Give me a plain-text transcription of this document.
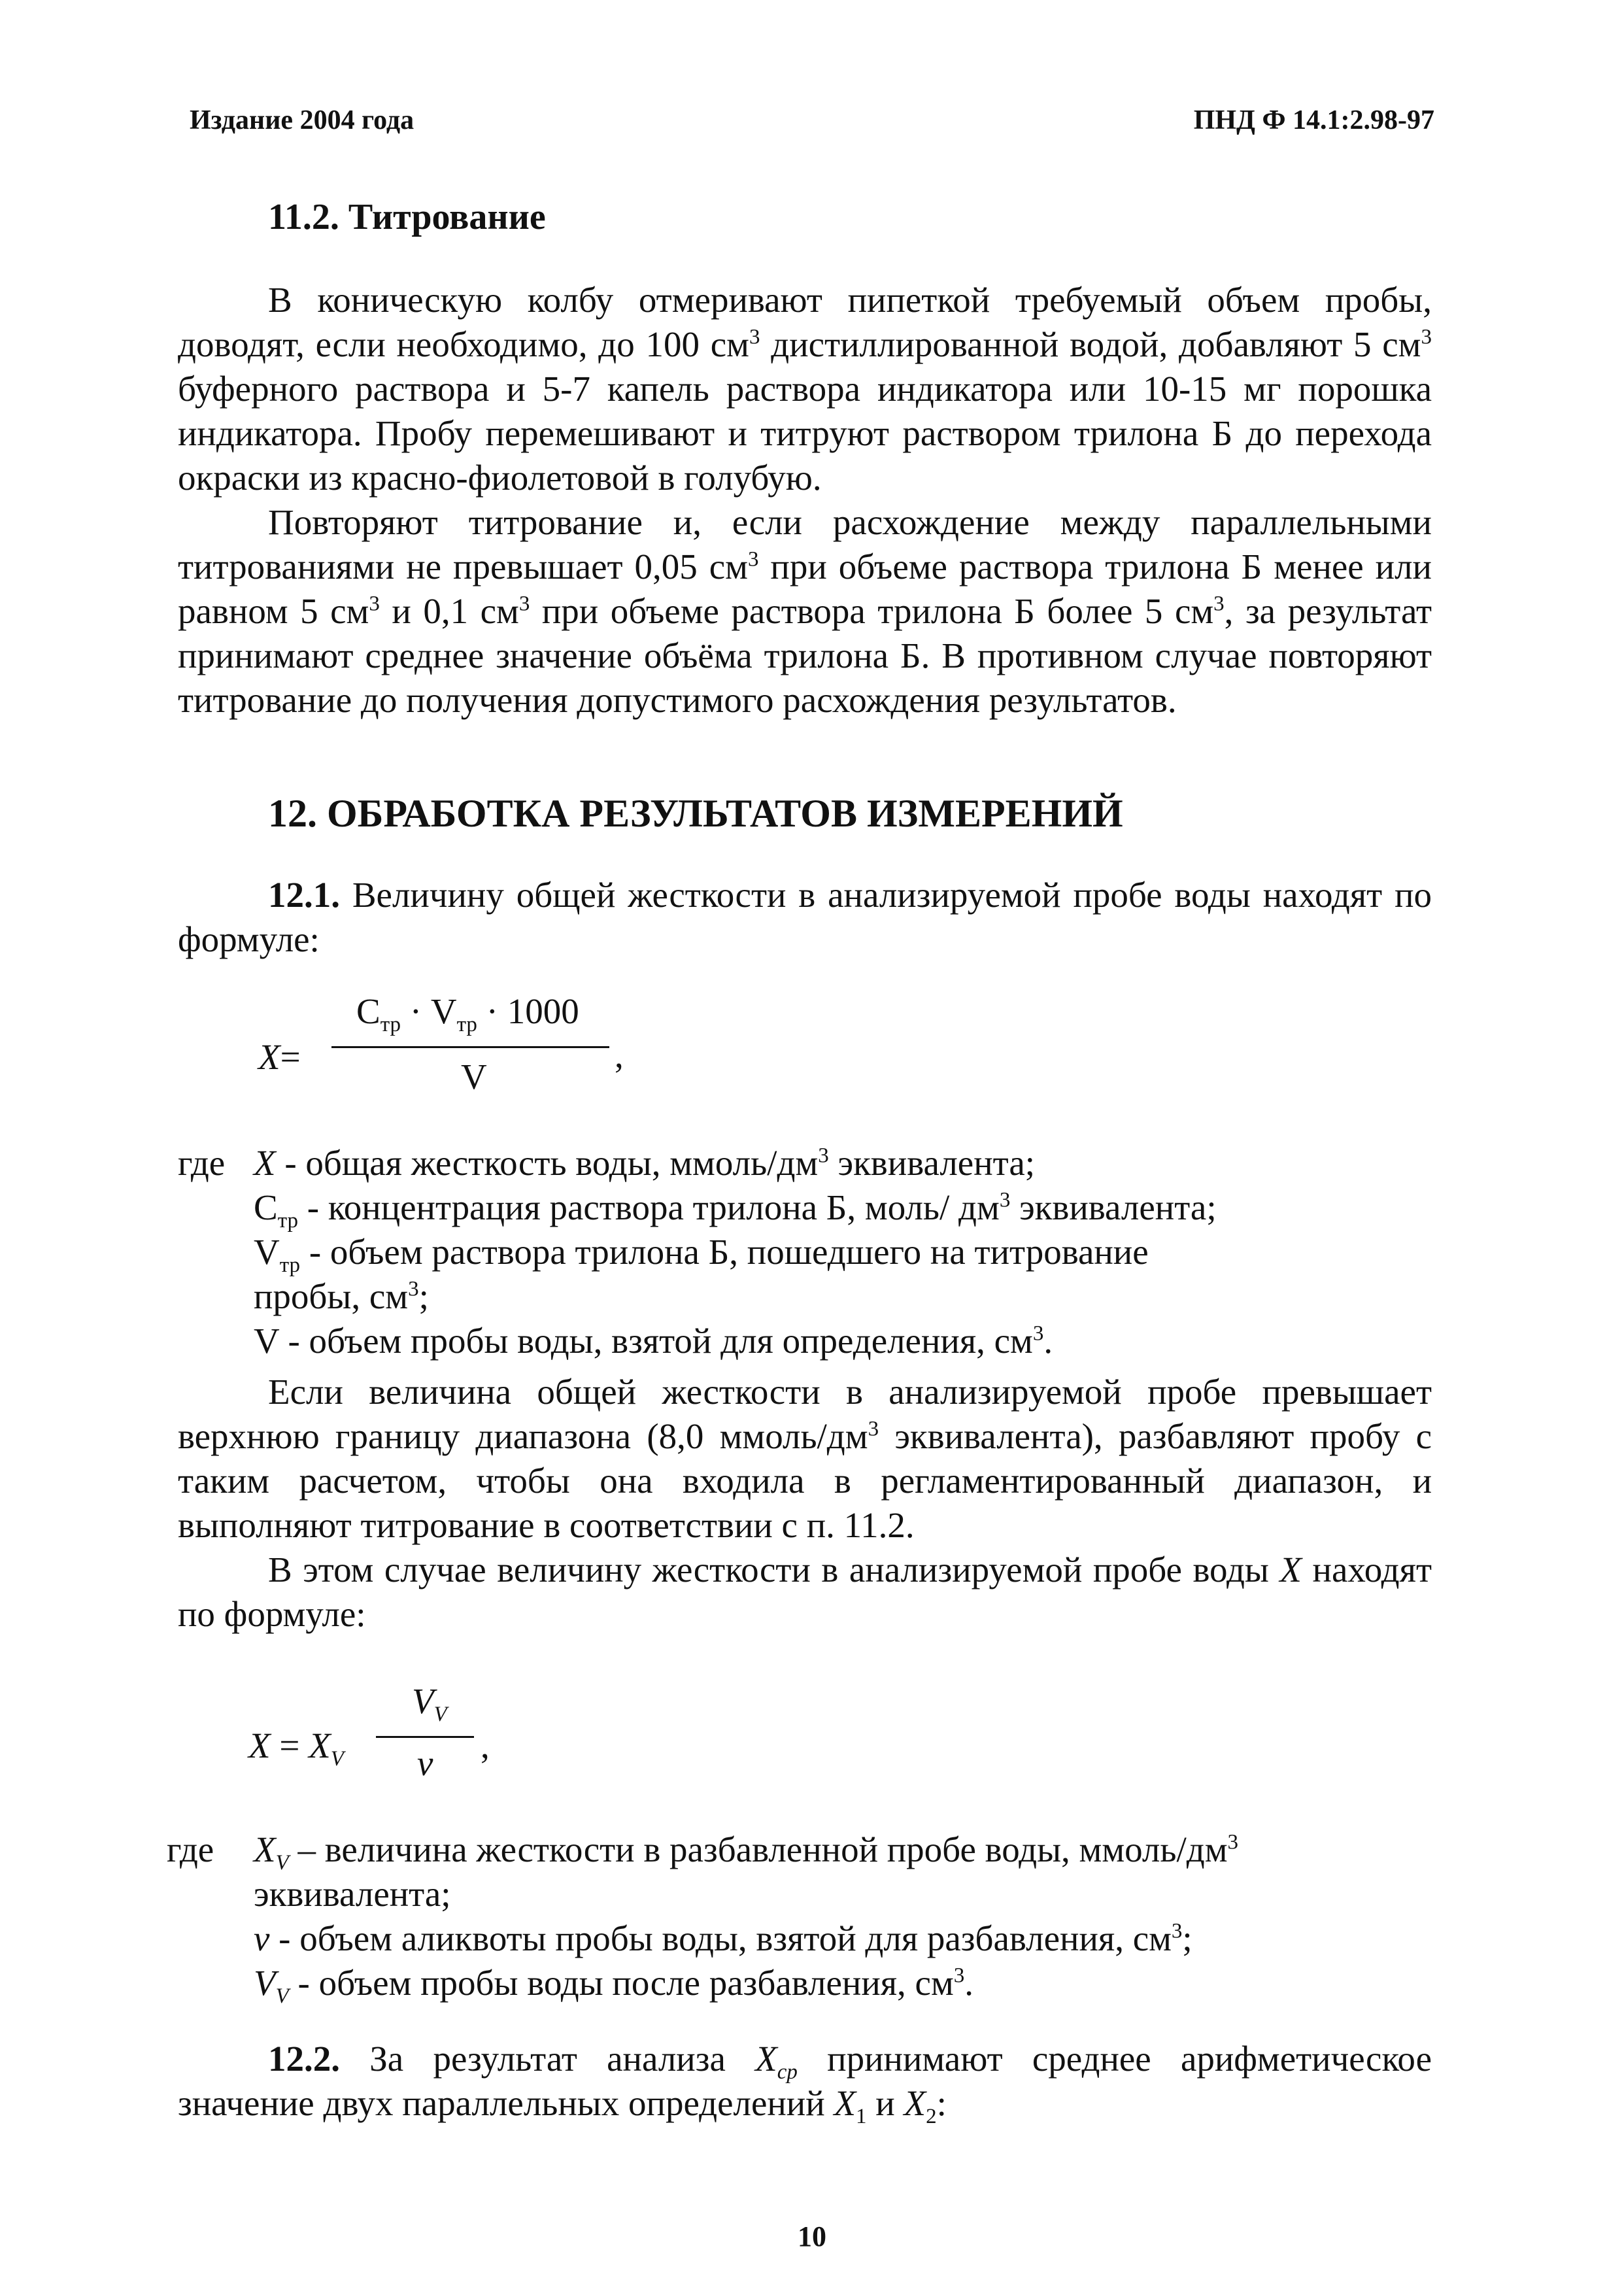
Издание 2004 года	ПНД Ф 14.1:2.98-97
11.2. Титрование

В коническую колбу отмеривают пипеткой требуемый объем пробы, доводят, если необходимо, до 100 $см^3$ дистиллированной водой, добавляют 5 $см^3$ буферного раствора и 5-7 капель раствора индикатора или 10-15 мг порошка индикатора. Пробу перемешивают и титруют раствором трилона Б до перехода окраски из красно-фиолетовой в голубую.

Повторяют титрование и, если расхождение между параллельными титрованиями не превышает 0,05 $см^3$ при объеме раствора трилона Б менее или равном 5 $см^3$ и 0,1 $см^3$ при объеме раствора трилона Б более 5 $см^3$, за результат принимают среднее значение объёма трилона Б. В противном случае повторяют титрование до получения допустимого расхождения результатов.

12. ОБРАБОТКА РЕЗУЛЬТАТОВ ИЗМЕРЕНИЙ

12.1. Величину общей жесткости в анализируемой пробе воды находят по формуле:

X=
$C_{тр} \cdot V_{тр} \cdot 1000$
V
,
где X - общая жесткость воды, ммоль/$дм^3$ эквивалента;

$C_{тр}$ - концентрация раствора трилона Б, моль/ $дм^3$ эквивалента;

$V_{тр}$ - объем раствора трилона Б, пошедшего на титрование

пробы, $см^3$;

V - объем пробы воды, взятой для определения, $см^3$.

Если величина общей жесткости в анализируемой пробе превышает верхнюю границу диапазона (8,0 ммоль/$дм^3$ эквивалента), разбавляют пробу с таким расчетом, чтобы она входила в регламентированный диапазон, и выполняют титрование в соответствии с п. 11.2.

В этом случае величину жесткости в анализируемой пробе воды X находят по формуле:

$X = X_V$
$V_V$
v ,
где $X_V$ – величина жесткости в разбавленной пробе воды, ммоль/$дм^3$

эквивалента;

v - объем аликвоты пробы воды, взятой для разбавления, $см^3$;

$V_V$ - объем пробы воды после разбавления, $см^3$.

12.2. За результат анализа $X_{ср}$ принимают среднее арифметическое значение двух параллельных определений $X_1$ и $X_2$:

10
